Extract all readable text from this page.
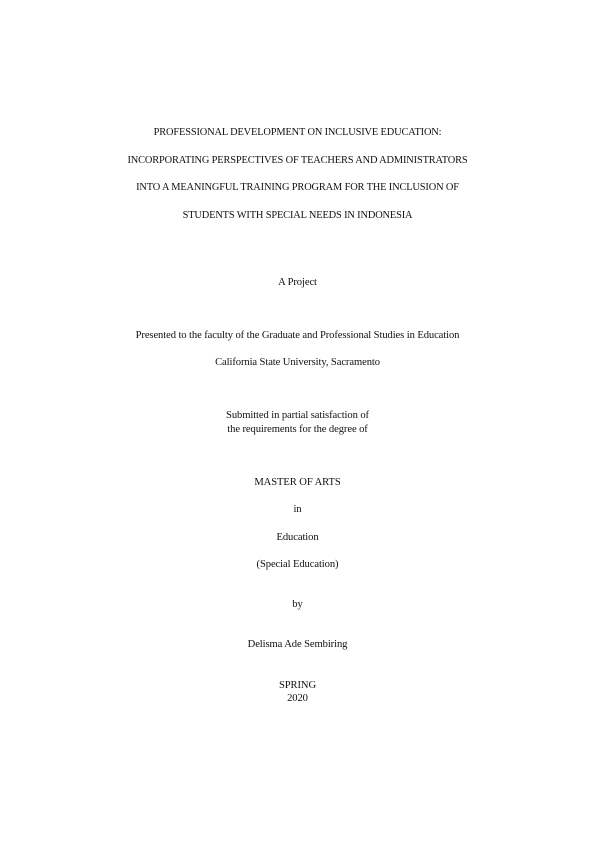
PROFESSIONAL DEVELOPMENT ON INCLUSIVE EDUCATION:
INCORPORATING PERSPECTIVES OF TEACHERS AND ADMINISTRATORS
INTO A MEANINGFUL TRAINING PROGRAM FOR THE INCLUSION OF
STUDENTS WITH SPECIAL NEEDS IN INDONESIA
A Project
Presented to the faculty of the Graduate and Professional Studies in Education
California State University, Sacramento
Submitted in partial satisfaction of
the requirements for the degree of
MASTER OF ARTS
in
Education
(Special Education)
by
Delisma Ade Sembiring
SPRING
2020
